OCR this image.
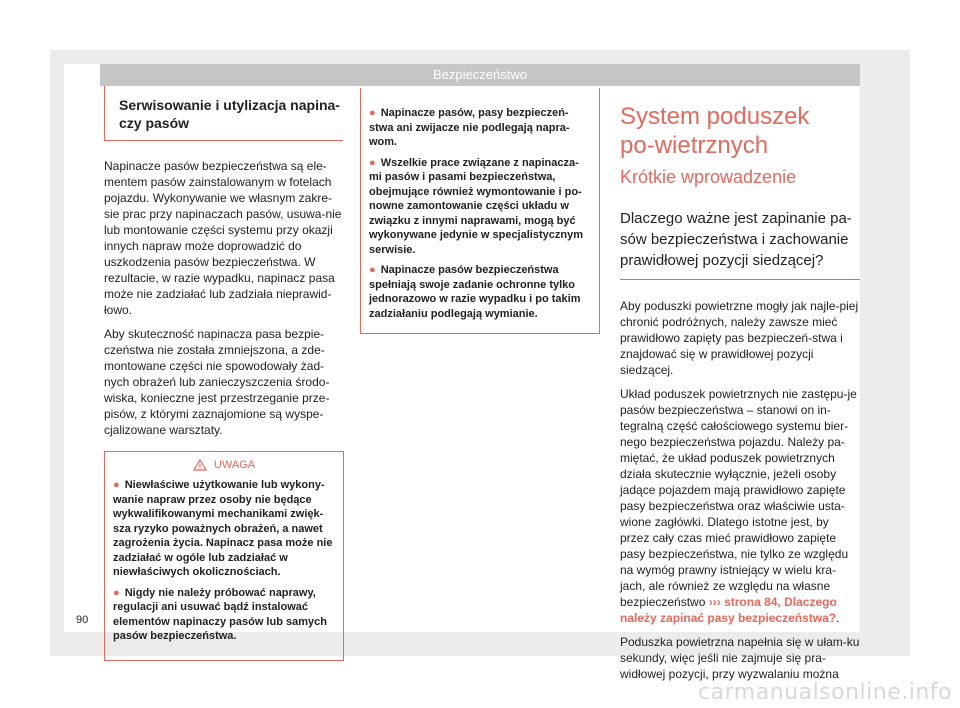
Bezpieczeństwo
Serwisowanie i utylizacja napina-czy pasów

Napinacze pasów bezpieczeństwa są ele-mentem pasów zainstalowanym w fotelach pojazdu. Wykonywanie we własnym zakre-sie prac przy napinaczach pasów, usuwa-nie lub montowanie części systemu przy okazji innych napraw może doprowadzić do uszkodzenia pasów bezpieczeństwa. W rezultacie, w razie wypadku, napinacz pasa może nie zadziałać lub zadziała nieprawid-łowo.

Aby skuteczność napinacza pasa bezpie-czeństwa nie została zmniejszona, a zde-montowane części nie spowodowały żad-nych obrażeń lub zanieczyszczenia środo-wiska, konieczne jest przestrzeganie prze-pisów, z którymi zaznajomione są wyspe-cjalizowane warsztaty.

UWAGA
● Niewłaściwe użytkowanie lub wykony-wanie napraw przez osoby nie będące wykwalifikowanymi mechanikami zwięk-sza ryzyko poważnych obrażeń, a nawet zagrożenia życia. Napinacz pasa może nie zadziałać w ogóle lub zadziałać w niewłaściwych okolicznościach.
● Nigdy nie należy próbować naprawy, regulacji ani usuwać bądź instalować elementów napinaczy pasów lub samych pasów bezpieczeństwa.
● Napinacze pasów, pasy bezpieczeń-stwa ani zwijacze nie podlegają napra-wom.
● Wszelkie prace związane z napinacza-mi pasów i pasami bezpieczeństwa, obejmujące również wymontowanie i po-nowne zamontowanie części układu w związku z innymi naprawami, mogą być wykonywane jedynie w specjalistycznym serwisie.
● Napinacze pasów bezpieczeństwa spełniają swoje zadanie ochronne tylko jednorazowo w razie wypadku i po takim zadziałaniu podlegają wymianie.
System poduszek po-wietrznych
Krótkie wprowadzenie
Dlaczego ważne jest zapinanie pa-sów bezpieczeństwa i zachowanie prawidłowej pozycji siedzącej?

Aby poduszki powietrzne mogły jak najle-piej chronić podróżnych, należy zawsze mieć prawidłowo zapięty pas bezpieczeń-stwa i znajdować się w prawidłowej pozycji siedzącej.

Układ poduszek powietrznych nie zastępu-je pasów bezpieczeństwa – stanowi on in-tegralną część całościowego systemu bier-nego bezpieczeństwa pojazdu. Należy pa-miętać, że układ poduszek powietrznych działa skutecznie wyłącznie, jeżeli osoby jadące pojazdem mają prawidłowo zapięte pasy bezpieczeństwa oraz właściwie usta-wione zagłówki. Dlatego istotne jest, by przez cały czas mieć prawidłowo zapięte pasy bezpieczeństwa, nie tylko ze względu na wymóg prawny istniejący w wielu kra-jach, ale również ze względu na własne bezpieczeństwo ››› strona 84, Dlaczego należy zapinać pasy bezpieczeństwa?.

Poduszka powietrzna napełnia się w ułam-ku sekundy, więc jeśli nie zajmuje się pra-widłowej pozycji, przy wyzwalaniu można

90
carmanualsonline.info
